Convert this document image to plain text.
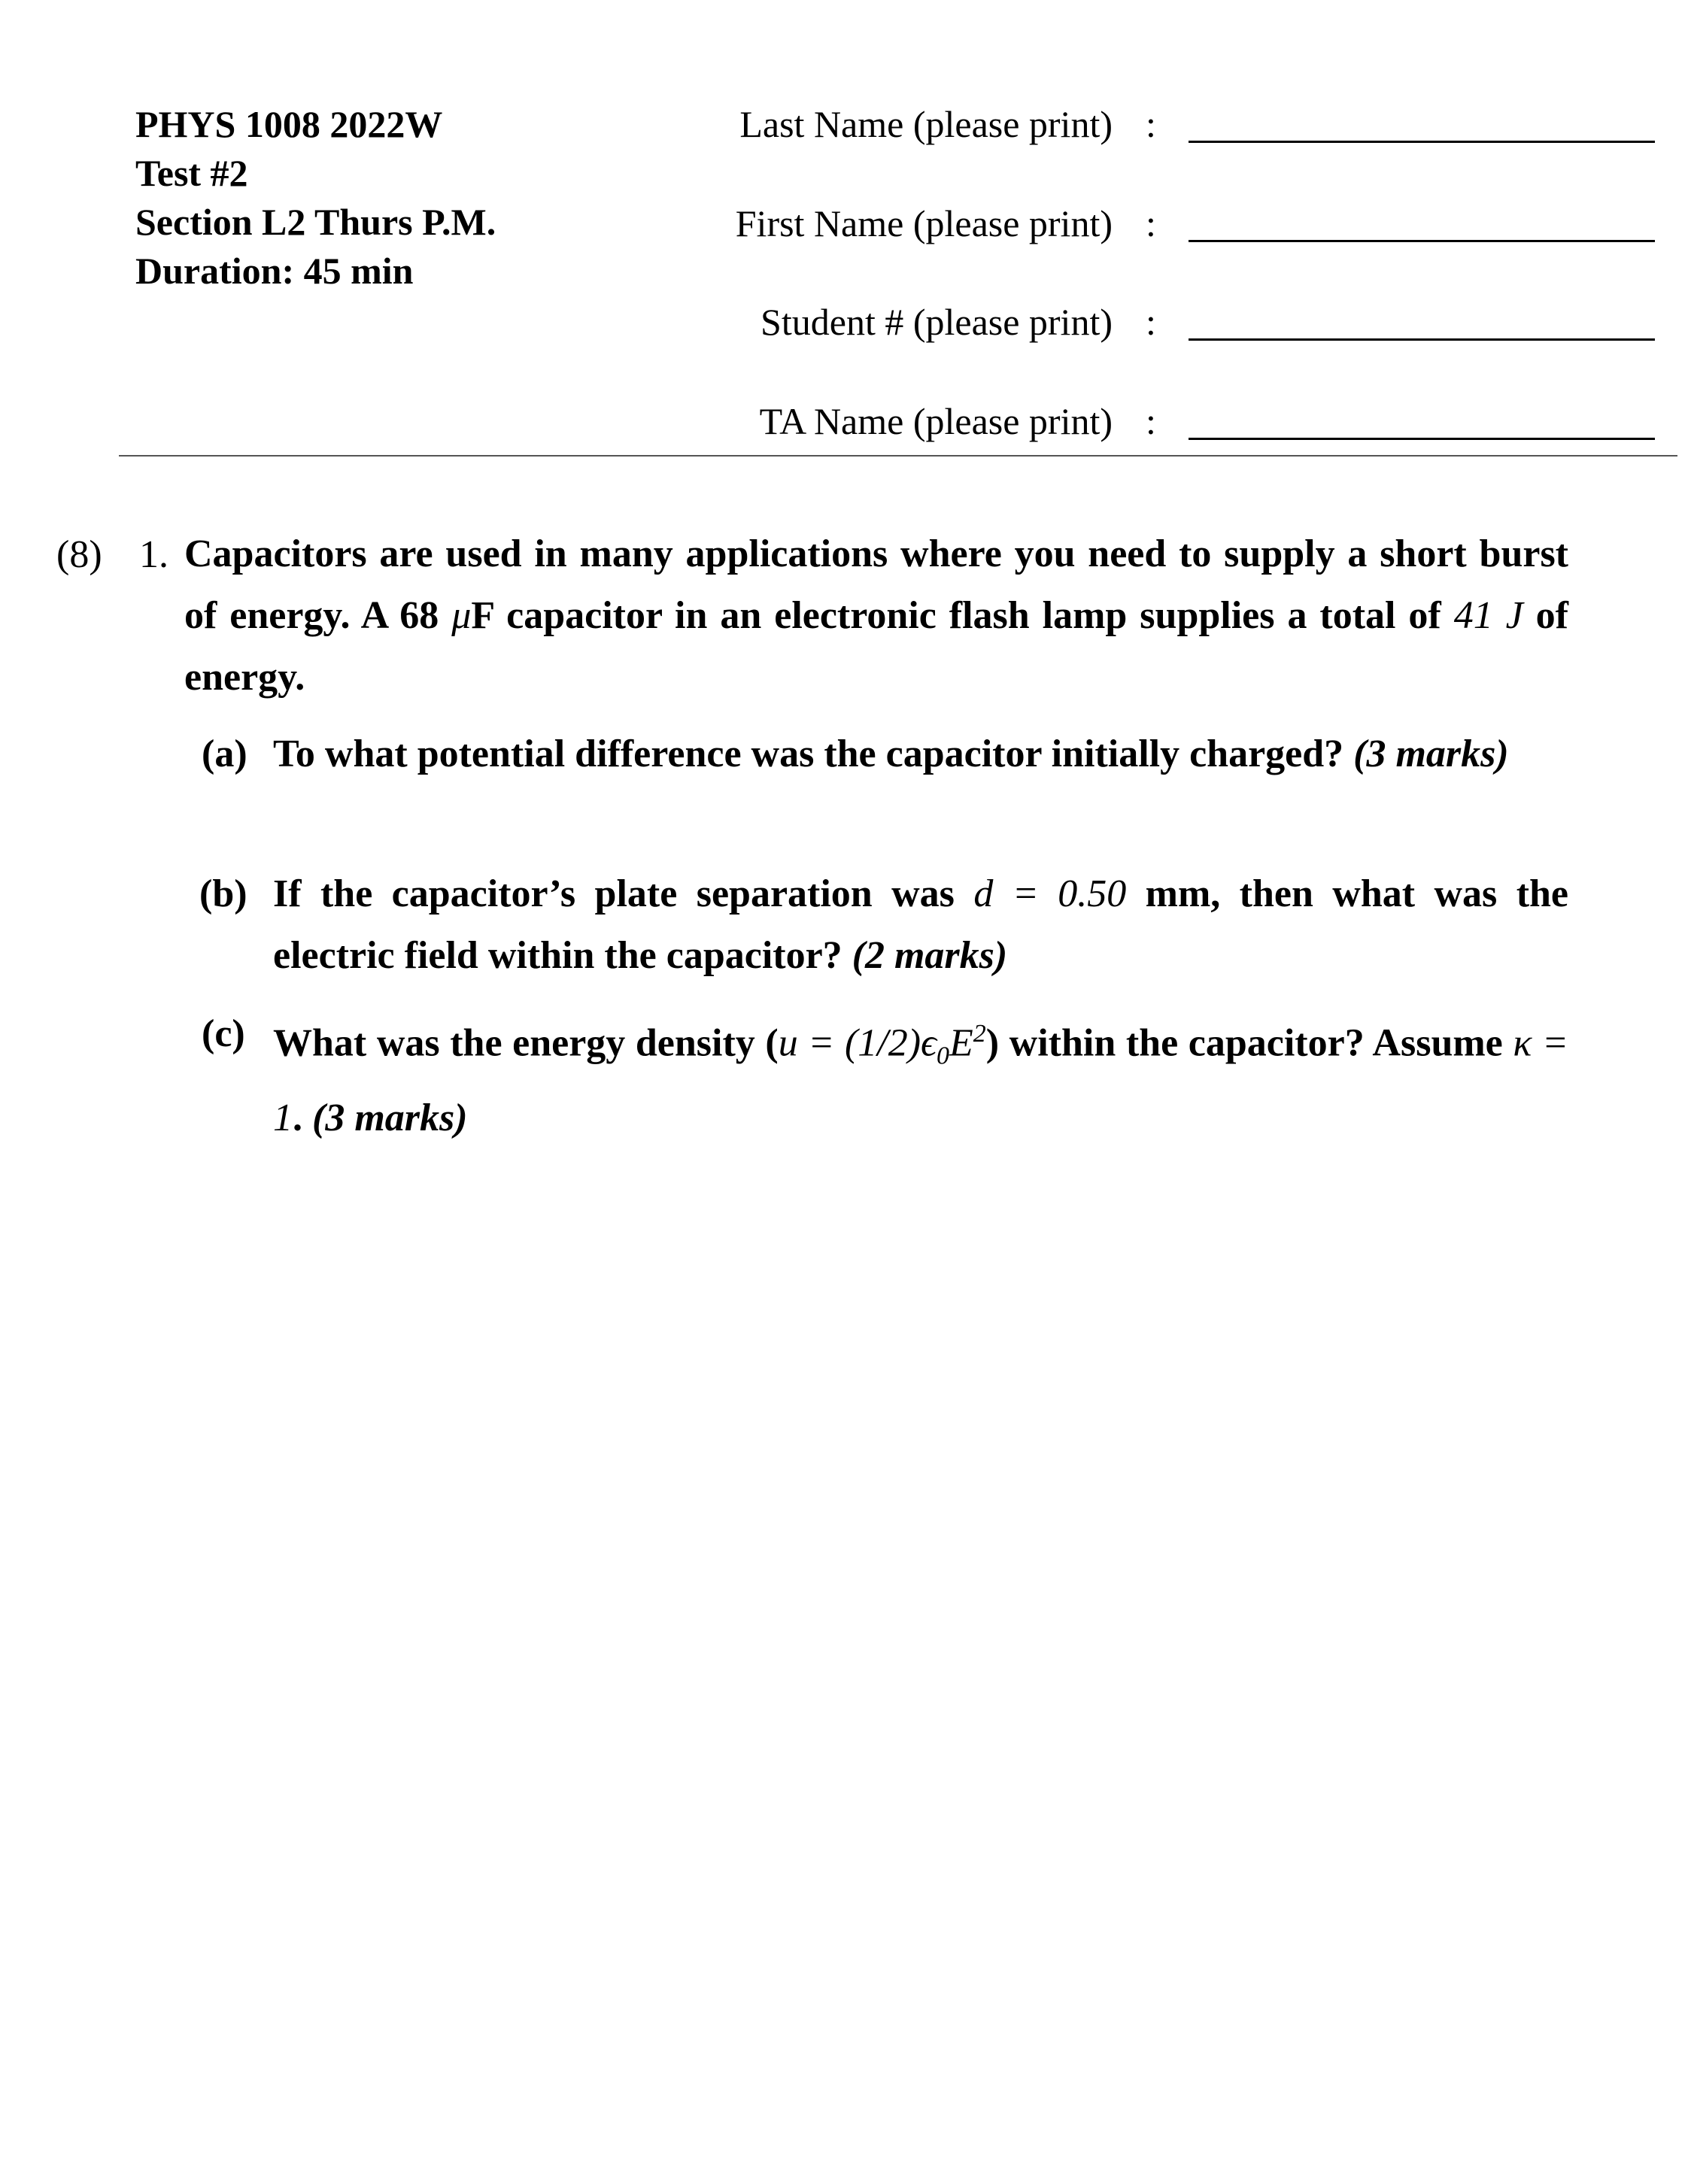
PHYS 1008 2022W
Test #2
Section L2 Thurs P.M.
Duration: 45 min
Last Name (please print) :
First Name (please print) :
Student # (please print) :
TA Name (please print) :
(8) 1. Capacitors are used in many applications where you need to supply a short burst of energy. A 68 μF capacitor in an electronic flash lamp supplies a total of 41 J of energy.
(a) To what potential difference was the capacitor initially charged? (3 marks)
(b) If the capacitor’s plate separation was d = 0.50 mm, then what was the electric field within the capacitor? (2 marks)
(c) What was the energy density $(u = (1/2)\epsilon_0E^2)$ within the capacitor? Assume κ = 1. (3 marks)
